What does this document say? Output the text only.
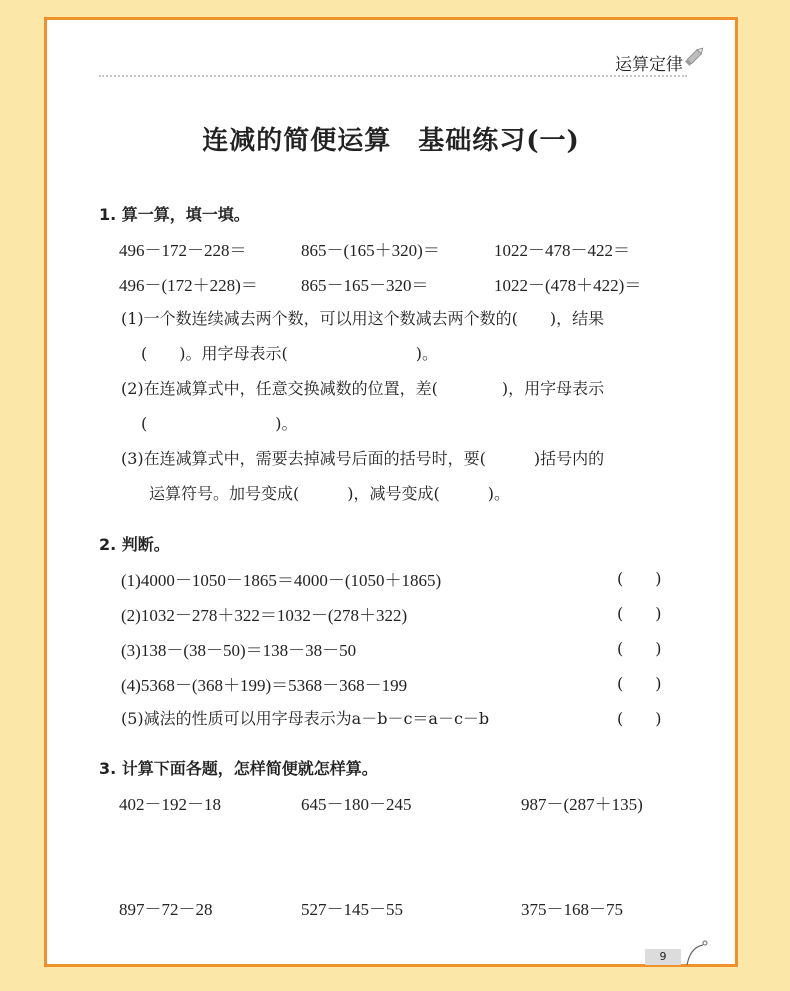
运算定律
连减的简便运算　基础练习(一)
1. 算一算，填一填。
496－172－228＝	865－(165＋320)＝	1022－478－422＝
496－(172＋228)＝	865－165－320＝	1022－(478＋422)＝
(1)一个数连续减去两个数，可以用这个数减去两个数的(　　)，结果
(　　)。用字母表示(　　　　　　　　)。
(2)在连减算式中，任意交换减数的位置，差(　　　　)，用字母表示
(　　　　　　　　)。
(3)在连减算式中，需要去掉减号后面的括号时，要(　　　)括号内的
运算符号。加号变成(　　　)，减号变成(　　　)。
2. 判断。
(1)4000－1050－1865＝4000－(1050＋1865)	(　　)
(2)1032－278＋322＝1032－(278＋322)	(　　)
(3)138－(38－50)＝138－38－50	(　　)
(4)5368－(368＋199)＝5368－368－199	(　　)
(5)减法的性质可以用字母表示为a－b－c＝a－c－b	(　　)
3. 计算下面各题，怎样简便就怎样算。
402－192－18	645－180－245	987－(287＋135)
897－72－28	527－145－55	375－168－75
9
